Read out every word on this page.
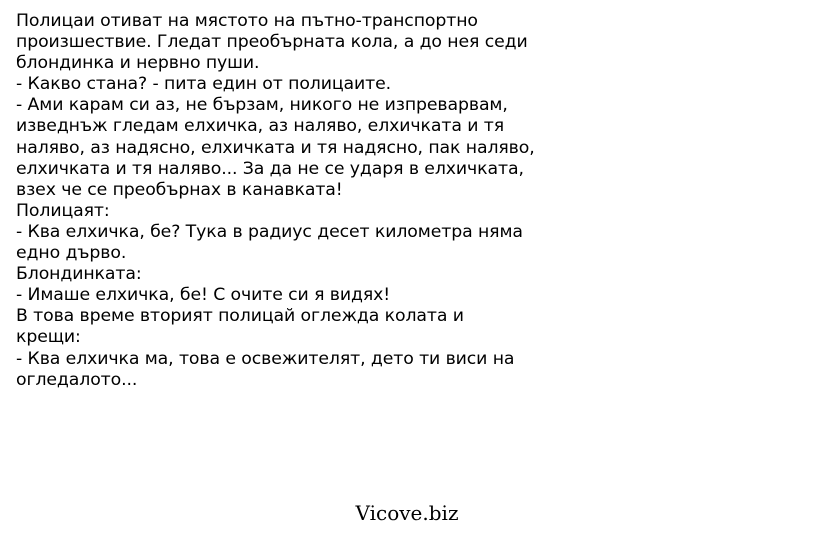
Полицаи отиват на мястото на пътно-транспортно
произшествие. Гледат преобърната кола, а до нея седи
блондинка и нервно пуши.
- Какво стана? - пита един от полицаите.
- Ами карам си аз, не бързам, никого не изпреварвам,
изведнъж гледам елхичка, аз наляво, елхичката и тя
наляво, аз надясно, елхичката и тя надясно, пак наляво,
елхичката и тя наляво... За да не се ударя в елхичката,
взех че се преобърнах в канавката!
Полицаят:
- Ква елхичка, бе? Тука в радиус десет километра няма
едно дърво.
Блондинката:
- Имаше елхичка, бе! С очите си я видях!
В това време вторият полицай оглежда колата и
крещи:
- Ква елхичка ма, това е освежителят, дето ти виси на
огледалото...
Vicove.biz
